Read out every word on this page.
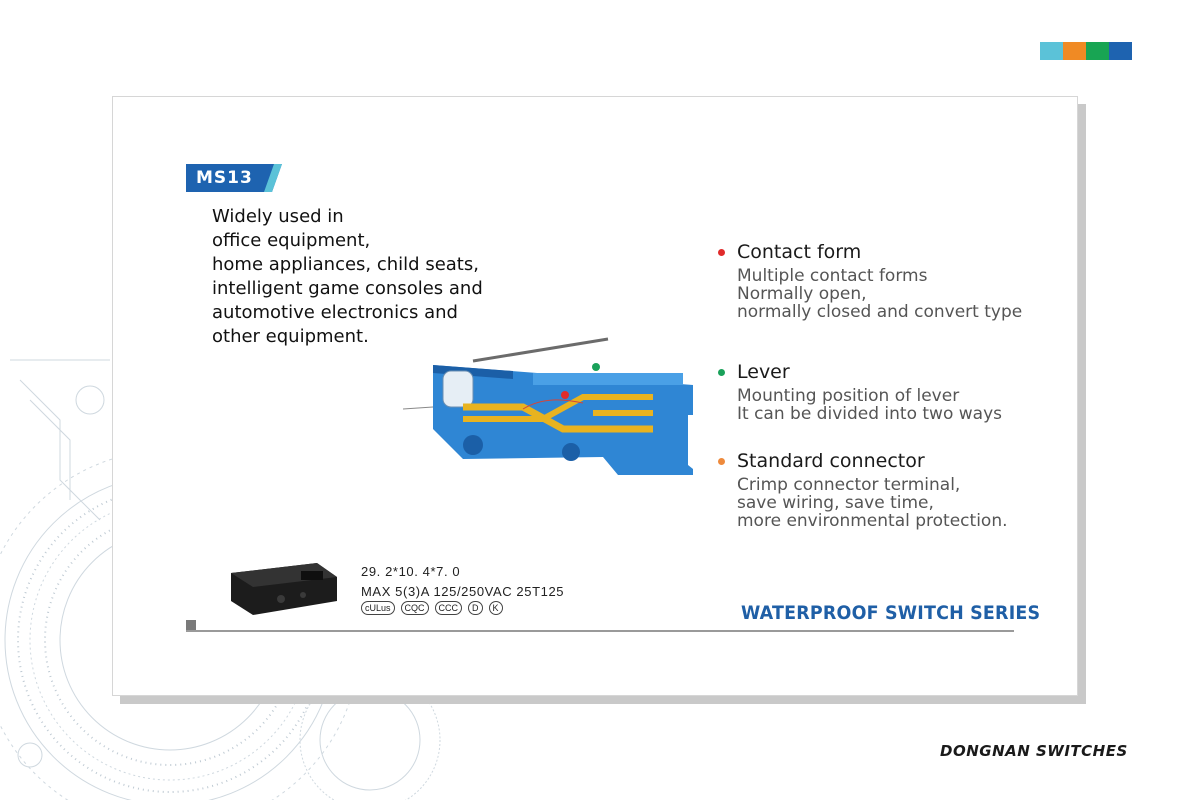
MS13
Widely used in
office equipment,
home appliances, child seats,
intelligent game consoles and
automotive electronics and
other equipment.
Contact form
Multiple contact forms
Normally open,
normally closed and convert type
Lever
Mounting position of lever
It can be divided into two ways
Standard connector
Crimp connector terminal,
save wiring, save time,
more environmental protection.
29. 2*10. 4*7. 0
MAX 5(3)A 125/250VAC 25T125
cULus	CQC	CCC	D	K	WATERPROOF SWITCH SERIES
DONGNAN SWITCHES
